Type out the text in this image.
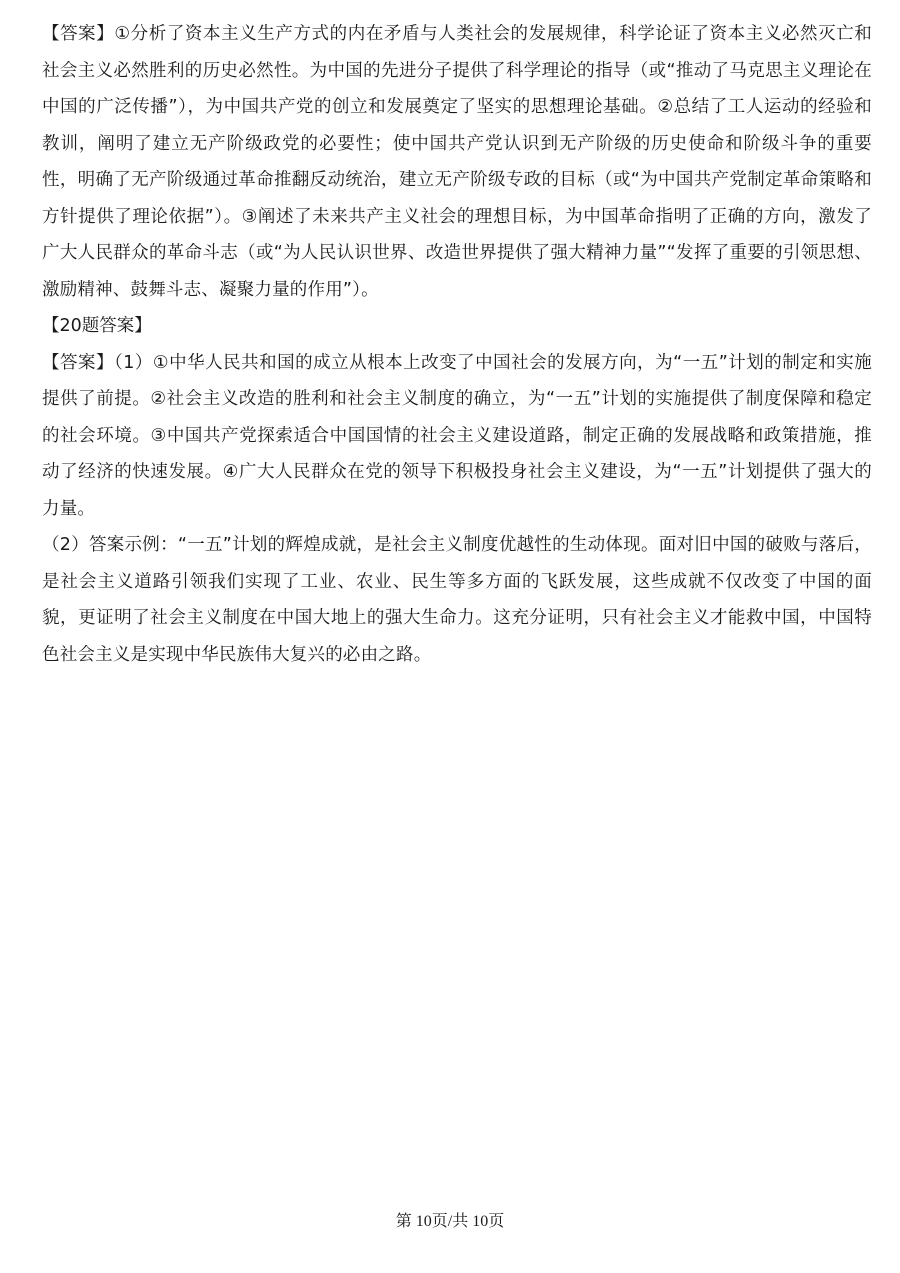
【答案】①分析了资本主义生产方式的内在矛盾与人类社会的发展规律，科学论证了资本主义必然灭亡和社会主义必然胜利的历史必然性。为中国的先进分子提供了科学理论的指导（或“推动了马克思主义理论在中国的广泛传播”），为中国共产党的创立和发展奠定了坚实的思想理论基础。②总结了工人运动的经验和教训，阐明了建立无产阶级政党的必要性；使中国共产党认识到无产阶级的历史使命和阶级斗争的重要性，明确了无产阶级通过革命推翻反动统治，建立无产阶级专政的目标（或“为中国共产党制定革命策略和方针提供了理论依据”）。③阐述了未来共产主义社会的理想目标，为中国革命指明了正确的方向，激发了广大人民群众的革命斗志（或“为人民认识世界、改造世界提供了强大精神力量”“发挥了重要的引领思想、激励精神、鼓舞斗志、凝聚力量的作用”）。

【20题答案】

【答案】（1）①中华人民共和国的成立从根本上改变了中国社会的发展方向，为“一五”计划的制定和实施提供了前提。②社会主义改造的胜利和社会主义制度的确立，为“一五”计划的实施提供了制度保障和稳定的社会环境。③中国共产党探索适合中国国情的社会主义建设道路，制定正确的发展战略和政策措施，推动了经济的快速发展。④广大人民群众在党的领导下积极投身社会主义建设，为“一五”计划提供了强大的力量。

（2）答案示例：“一五”计划的辉煌成就，是社会主义制度优越性的生动体现。面对旧中国的破败与落后，是社会主义道路引领我们实现了工业、农业、民生等多方面的飞跃发展，这些成就不仅改变了中国的面貌，更证明了社会主义制度在中国大地上的强大生命力。这充分证明，只有社会主义才能救中国，中国特色社会主义是实现中华民族伟大复兴的必由之路。

第 10页/共 10页
